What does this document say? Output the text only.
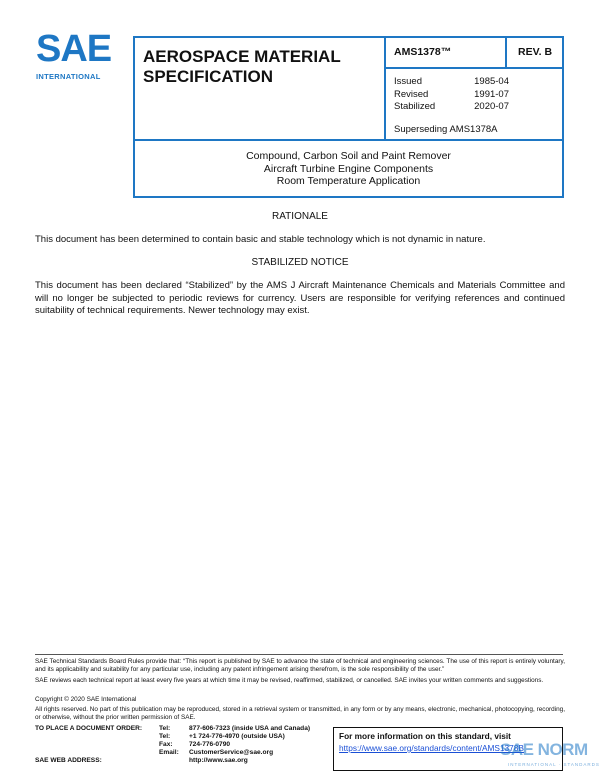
SAE
INTERNATIONAL
AEROSPACE MATERIAL
SPECIFICATION
AMS1378™	REV. B
Issued	1985-04
Revised	1991-07
Stabilized	2020-07
Superseding AMS1378A
Compound, Carbon Soil and Paint Remover
Aircraft Turbine Engine Components
Room Temperature Application
RATIONALE
This document has been determined to contain basic and stable technology which is not dynamic in nature.
STABILIZED NOTICE
This document has been declared “Stabilized” by the AMS J Aircraft Maintenance Chemicals and Materials Committee and will no longer be subjected to periodic reviews for currency. Users are responsible for verifying references and continued suitability of technical requirements. Newer technology may exist.
SAE Technical Standards Board Rules provide that: “This report is published by SAE to advance the state of technical and engineering sciences. The use of this report is entirely voluntary, and its applicability and suitability for any particular use, including any patent infringement arising therefrom, is the sole responsibility of the user.”
SAE reviews each technical report at least every five years at which time it may be revised, reaffirmed, stabilized, or cancelled. SAE invites your written comments and suggestions.
Copyright © 2020 SAE International
All rights reserved. No part of this publication may be reproduced, stored in a retrieval system or transmitted, in any form or by any means, electronic, mechanical, photocopying, recording, or otherwise, without the prior written permission of SAE.
TO PLACE A DOCUMENT ORDER:	Tel:	877-606-7323 (inside USA and Canada)
Tel:	+1 724-776-4970 (outside USA)
Fax: 724-776-0790
Email: CustomerService@sae.org
SAE WEB ADDRESS:	http://www.sae.org
For more information on this standard, visit
https://www.sae.org/standards/content/AMS1378B
SAE NORM
INTERNATIONAL · STANDARDS
